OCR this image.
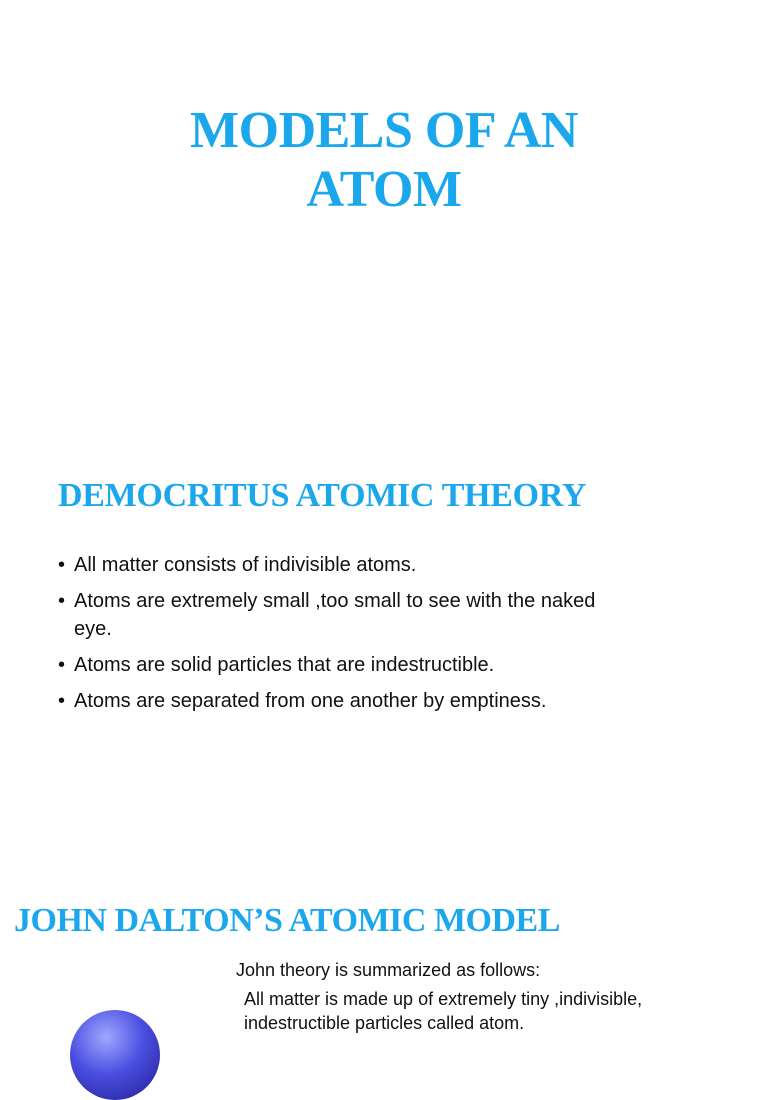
MODELS OF AN
ATOM
DEMOCRITUS ATOMIC THEORY
• All matter consists of indivisible atoms.
• Atoms are extremely small ,too small to see with the naked
eye.
• Atoms are solid particles that are indestructible.
• Atoms are separated from one another by emptiness.
JOHN DALTON’S ATOMIC MODEL
John theory is summarized as follows:
All matter is made up of extremely tiny ,indivisible,
indestructible particles called atom.
